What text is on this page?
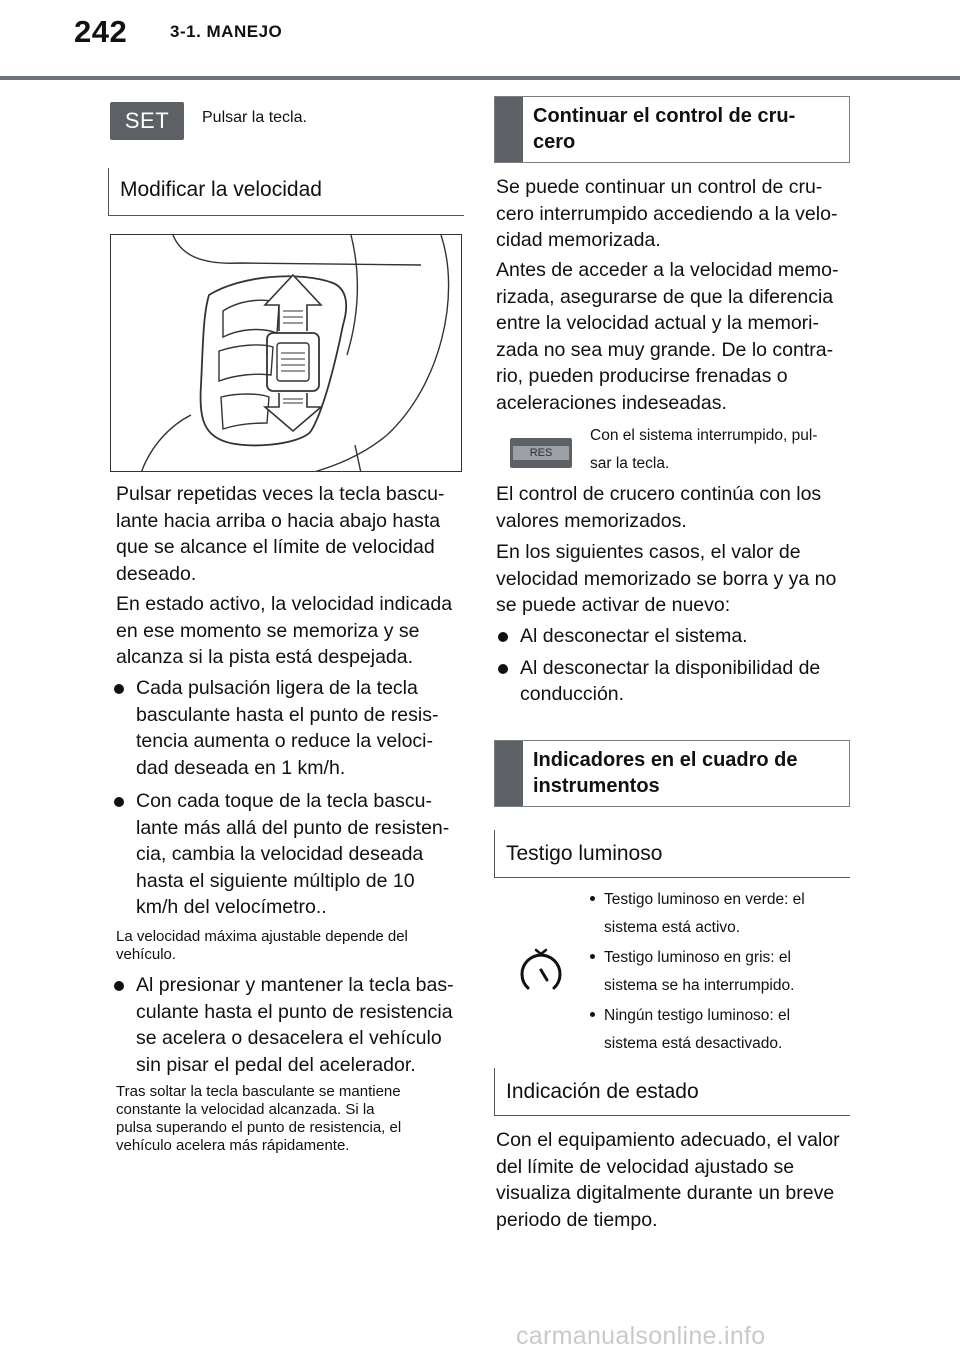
242	3-1. MANEJO
SET	Pulsar la tecla.
Modificar la velocidad
Pulsar repetidas veces la tecla bascu-
lante hacia arriba o hacia abajo hasta
que se alcance el límite de velocidad
deseado.
En estado activo, la velocidad indicada
en ese momento se memoriza y se
alcanza si la pista está despejada.
Cada pulsación ligera de la tecla
basculante hasta el punto de resis-
tencia aumenta o reduce la veloci-
dad deseada en 1 km/h.
Con cada toque de la tecla bascu-
lante más allá del punto de resisten-
cia, cambia la velocidad deseada
hasta el siguiente múltiplo de 10
km/h del velocímetro..
La velocidad máxima ajustable depende del
vehículo.
Al presionar y mantener la tecla bas-
culante hasta el punto de resistencia
se acelera o desacelera el vehículo
sin pisar el pedal del acelerador.
Tras soltar la tecla basculante se mantiene
constante la velocidad alcanzada. Si la
pulsa superando el punto de resistencia, el
vehículo acelera más rápidamente.
Continuar el control de cru-
cero
Se puede continuar un control de cru-
cero interrumpido accediendo a la velo-
cidad memorizada.
Antes de acceder a la velocidad memo-
rizada, asegurarse de que la diferencia
entre la velocidad actual y la memori-
zada no sea muy grande. De lo contra-
rio, pueden producirse frenadas o
aceleraciones indeseadas.
RES
Con el sistema interrumpido, pul-
sar la tecla.
El control de crucero continúa con los
valores memorizados.
En los siguientes casos, el valor de
velocidad memorizado se borra y ya no
se puede activar de nuevo:
Al desconectar el sistema.
Al desconectar la disponibilidad de
conducción.
Indicadores en el cuadro de
instrumentos
Testigo luminoso
Testigo luminoso en verde: el
sistema está activo.
Testigo luminoso en gris: el
sistema se ha interrumpido.
Ningún testigo luminoso: el
sistema está desactivado.
Indicación de estado
Con el equipamiento adecuado, el valor
del límite de velocidad ajustado se
visualiza digitalmente durante un breve
periodo de tiempo.
carmanualsonline.info
